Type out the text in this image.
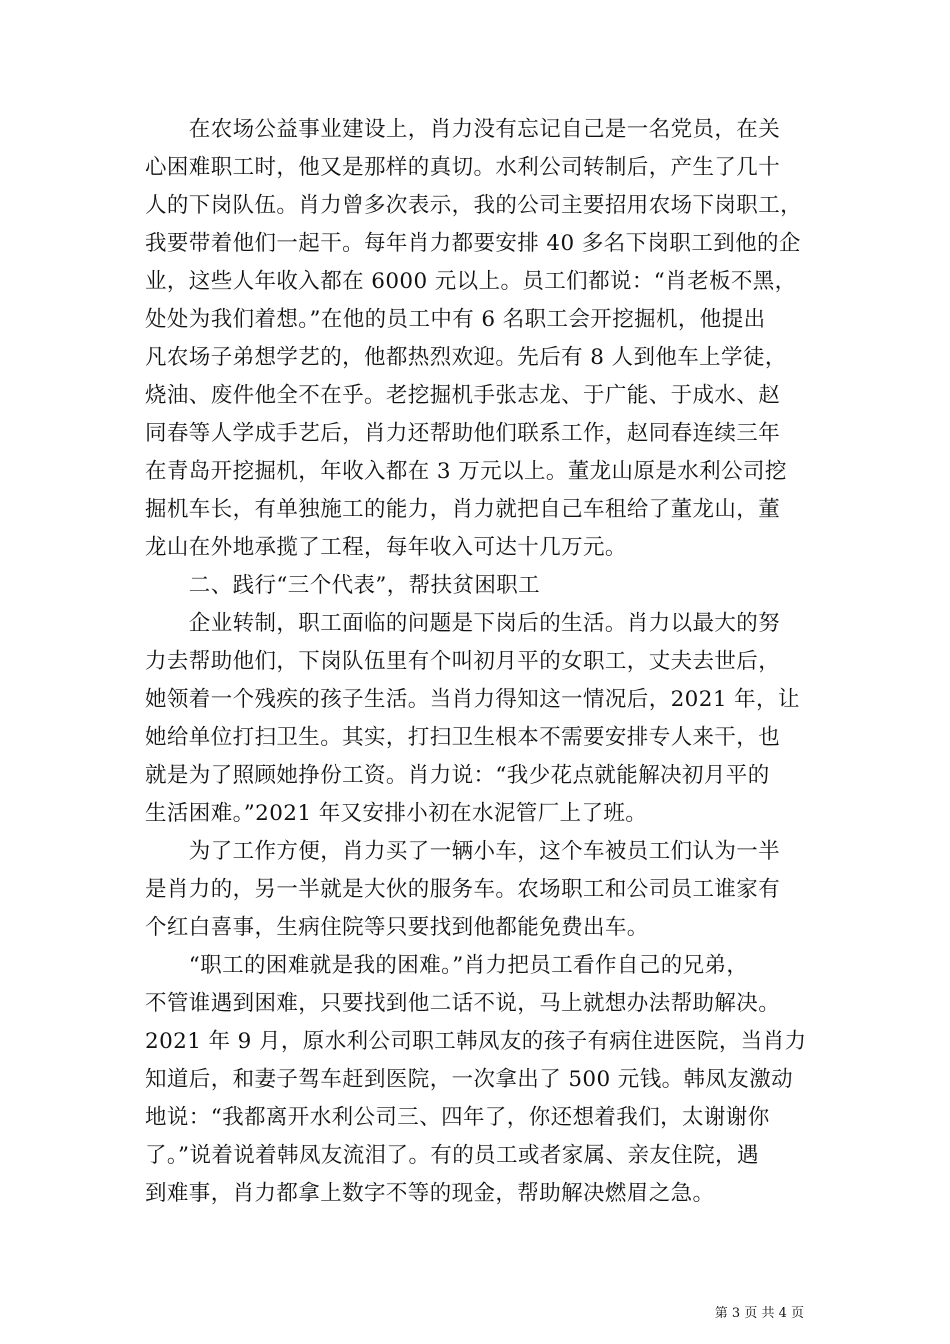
　　在农场公益事业建设上，肖力没有忘记自己是一名党员，在关
心困难职工时，他又是那样的真切。水利公司转制后，产生了几十
人的下岗队伍。肖力曾多次表示，我的公司主要招用农场下岗职工，
我要带着他们一起干。每年肖力都要安排 40 多名下岗职工到他的企
业，这些人年收入都在 6000 元以上。员工们都说：“肖老板不黑，
处处为我们着想。”在他的员工中有 6 名职工会开挖掘机，他提出
凡农场子弟想学艺的，他都热烈欢迎。先后有 8 人到他车上学徒，
烧油、废件他全不在乎。老挖掘机手张志龙、于广能、于成水、赵
同春等人学成手艺后，肖力还帮助他们联系工作，赵同春连续三年
在青岛开挖掘机，年收入都在 3 万元以上。董龙山原是水利公司挖
掘机车长，有单独施工的能力，肖力就把自己车租给了董龙山，董
龙山在外地承揽了工程，每年收入可达十几万元。
　　二、践行“三个代表”，帮扶贫困职工
　　企业转制，职工面临的问题是下岗后的生活。肖力以最大的努
力去帮助他们，下岗队伍里有个叫初月平的女职工，丈夫去世后，
她领着一个残疾的孩子生活。当肖力得知这一情况后，2021 年，让
她给单位打扫卫生。其实，打扫卫生根本不需要安排专人来干，也
就是为了照顾她挣份工资。肖力说：“我少花点就能解决初月平的
生活困难。”2021 年又安排小初在水泥管厂上了班。
　　为了工作方便，肖力买了一辆小车，这个车被员工们认为一半
是肖力的，另一半就是大伙的服务车。农场职工和公司员工谁家有
个红白喜事，生病住院等只要找到他都能免费出车。
　　“职工的困难就是我的困难。”肖力把员工看作自己的兄弟，
不管谁遇到困难，只要找到他二话不说，马上就想办法帮助解决。
2021 年 9 月，原水利公司职工韩凤友的孩子有病住进医院，当肖力
知道后，和妻子驾车赶到医院，一次拿出了 500 元钱。韩凤友激动
地说：“我都离开水利公司三、四年了，你还想着我们，太谢谢你
了。”说着说着韩凤友流泪了。有的员工或者家属、亲友住院，遇
到难事，肖力都拿上数字不等的现金，帮助解决燃眉之急。
第 3 页 共 4 页
